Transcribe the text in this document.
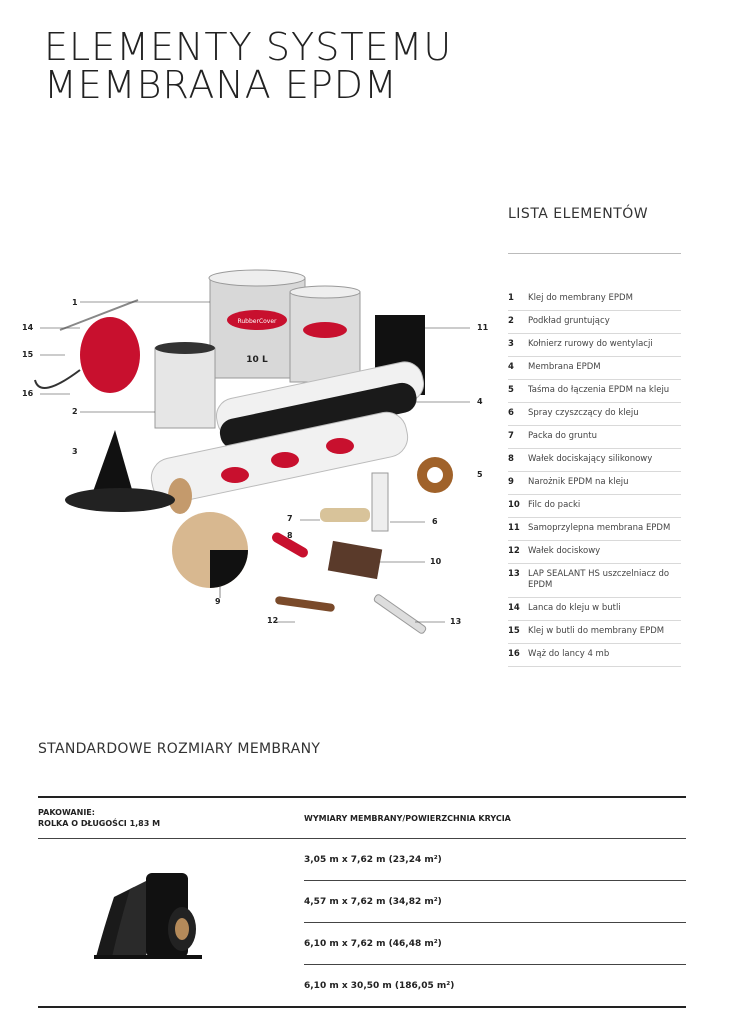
ELEMENTY SYSTEMU
MEMBRANA EPDM
RubberCover
10 L
1
14
15
16
2
3
11
4
5
6
7
8
9
10
12	13
LISTA ELEMENTÓW
1	Klej do membrany EPDM
2	Podkład gruntujący
3	Kołnierz rurowy do wentylacji
4	Membrana EPDM
5	Taśma do łączenia EPDM na kleju
6	Spray czyszczący do kleju
7	Packa do gruntu
8	Wałek dociskający silikonowy
9	Narożnik EPDM na kleju
10 Filc do packi
11 Samoprzylepna membrana EPDM
12 Wałek dociskowy
13 LAP SEALANT HS uszczelniacz do EPDM
14 Lanca do kleju w butli
15 Klej w butli do membrany EPDM
16 Wąż do lancy 4 mb
STANDARDOWE ROZMIARY MEMBRANY
PAKOWANIE:
ROLKA O DŁUGOŚCI 1,83 M
WYMIARY MEMBRANY/POWIERZCHNIA KRYCIA
3,05 m x 7,62 m (23,24 m²)
4,57 m x 7,62 m (34,82 m²)
6,10 m x 7,62 m (46,48 m²)
6,10 m x 30,50 m (186,05 m²)
